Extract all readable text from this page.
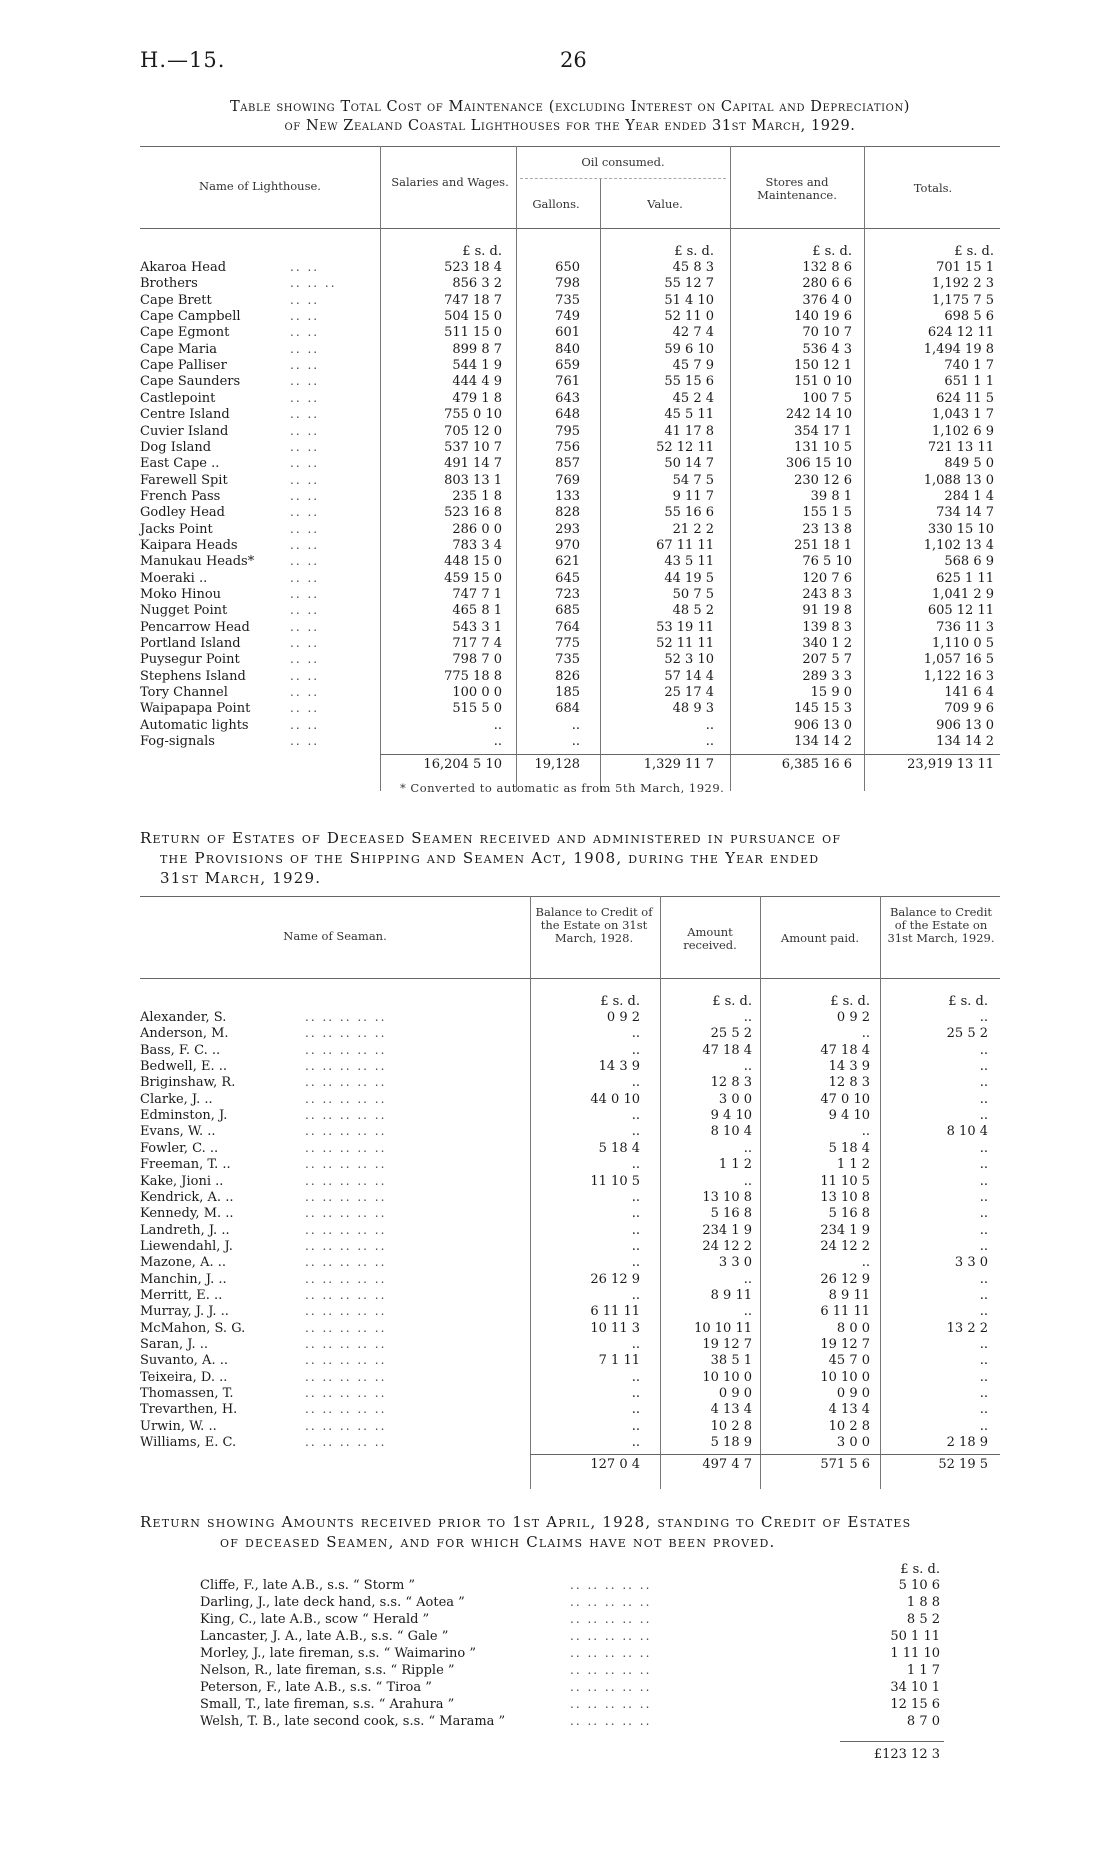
H.—15.	26
Table showing Total Cost of Maintenance (excluding Interest on Capital and Depreciation)
of New Zealand Coastal Lighthouses for the Year ended 31st March, 1929.
Name of Lighthouse.	Salaries and Wages.
Oil consumed.
Gallons.	Value.
Stores and Maintenance.	Totals.
£ s. d.	£ s. d.	£ s. d.	£ s. d.
Akaroa Head	.. ..	523 18 4	650	45 8 3	132 8 6	701 15 1
Brothers	.. .. ..	856 3 2	798	55 12 7	280 6 6	1,192 2 3
Cape Brett	.. ..	747 18 7	735	51 4 10	376 4 0	1,175 7 5
Cape Campbell	.. ..	504 15 0	749	52 11 0	140 19 6	698 5 6
Cape Egmont	.. ..	511 15 0	601	42 7 4	70 10 7	624 12 11
Cape Maria	.. ..	899 8 7	840	59 6 10	536 4 3	1,494 19 8
Cape Palliser	.. ..	544 1 9	659	45 7 9	150 12 1	740 1 7
Cape Saunders	.. ..	444 4 9	761	55 15 6	151 0 10	651 1 1
Castlepoint	.. ..	479 1 8	643	45 2 4	100 7 5	624 11 5
Centre Island	.. ..	755 0 10	648	45 5 11	242 14 10	1,043 1 7
Cuvier Island	.. ..	705 12 0	795	41 17 8	354 17 1	1,102 6 9
Dog Island	.. ..	537 10 7	756	52 12 11	131 10 5	721 13 11
East Cape ..	.. ..	491 14 7	857	50 14 7	306 15 10	849 5 0
Farewell Spit	.. ..	803 13 1	769	54 7 5	230 12 6	1,088 13 0
French Pass	.. ..	235 1 8	133	9 11 7	39 8 1	284 1 4
Godley Head	.. ..	523 16 8	828	55 16 6	155 1 5	734 14 7
Jacks Point	.. ..	286 0 0	293	21 2 2	23 13 8	330 15 10
Kaipara Heads	.. ..	783 3 4	970	67 11 11	251 18 1	1,102 13 4
Manukau Heads*	.. ..	448 15 0	621	43 5 11	76 5 10	568 6 9
Moeraki ..	.. ..	459 15 0	645	44 19 5	120 7 6	625 1 11
Moko Hinou	.. ..	747 7 1	723	50 7 5	243 8 3	1,041 2 9
Nugget Point	.. ..	465 8 1	685	48 5 2	91 19 8	605 12 11
Pencarrow Head	.. ..	543 3 1	764	53 19 11	139 8 3	736 11 3
Portland Island	.. ..	717 7 4	775	52 11 11	340 1 2	1,110 0 5
Puysegur Point	.. ..	798 7 0	735	52 3 10	207 5 7	1,057 16 5
Stephens Island	.. ..	775 18 8	826	57 14 4	289 3 3	1,122 16 3
Tory Channel	.. ..	100 0 0	185	25 17 4	15 9 0	141 6 4
Waipapapa Point	.. ..	515 5 0	684	48 9 3	145 15 3	709 9 6
Automatic lights	.. ..	..	..	..	906 13 0	906 13 0
Fog-signals	.. ..	..	..	..	134 14 2	134 14 2
16,204 5 10	19,128	1,329 11 7	6,385 16 6	23,919 13 11
* Converted to automatic as from 5th March, 1929.
Return of Estates of Deceased Seamen received and administered in pursuance of
the Provisions of the Shipping and Seamen Act, 1908, during the Year ended
31st March, 1929.
Name of Seaman.
Balance to Credit of the Estate on 31st March, 1928.	Amount received.	Amount paid.
Balance to Credit of the Estate on 31st March, 1929.
£ s. d.	£ s. d.	£ s. d.	£ s. d.
Alexander, S.	.. .. .. .. ..	0 9 2	..	0 9 2	..
Anderson, M.	.. .. .. .. ..	..	25 5 2	..	25 5 2
Bass, F. C. ..	.. .. .. .. ..	..	47 18 4	47 18 4	..
Bedwell, E. ..	.. .. .. .. ..	14 3 9	..	14 3 9	..
Briginshaw, R.	.. .. .. .. ..	..	12 8 3	12 8 3	..
Clarke, J. ..	.. .. .. .. ..	44 0 10	3 0 0	47 0 10	..
Edminston, J.	.. .. .. .. ..	..	9 4 10	9 4 10	..
Evans, W. ..	.. .. .. .. ..	..	8 10 4	..	8 10 4
Fowler, C. ..	.. .. .. .. ..	5 18 4	..	5 18 4	..
Freeman, T. ..	.. .. .. .. ..	..	1 1 2	1 1 2	..
Kake, Jioni ..	.. .. .. .. ..	11 10 5	..	11 10 5	..
Kendrick, A. ..	.. .. .. .. ..	..	13 10 8	13 10 8	..
Kennedy, M. ..	.. .. .. .. ..	..	5 16 8	5 16 8	..
Landreth, J. ..	.. .. .. .. ..	..	234 1 9	234 1 9	..
Liewendahl, J.	.. .. .. .. ..	..	24 12 2	24 12 2	..
Mazone, A. ..	.. .. .. .. ..	..	3 3 0	..	3 3 0
Manchin, J. ..	.. .. .. .. ..	26 12 9	..	26 12 9	..
Merritt, E. ..	.. .. .. .. ..	..	8 9 11	8 9 11	..
Murray, J. J. ..	.. .. .. .. ..	6 11 11	..	6 11 11	..
McMahon, S. G.	.. .. .. .. ..	10 11 3	10 10 11	8 0 0	13 2 2
Saran, J. ..	.. .. .. .. ..	..	19 12 7	19 12 7	..
Suvanto, A. ..	.. .. .. .. ..	7 1 11	38 5 1	45 7 0	..
Teixeira, D. ..	.. .. .. .. ..	..	10 10 0	10 10 0	..
Thomassen, T.	.. .. .. .. ..	..	0 9 0	0 9 0	..
Trevarthen, H.	.. .. .. .. ..	..	4 13 4	4 13 4	..
Urwin, W. ..	.. .. .. .. ..	..	10 2 8	10 2 8	..
Williams, E. C.	.. .. .. .. ..	..	5 18 9	3 0 0	2 18 9
127 0 4	497 4 7	571 5 6	52 19 5
Return showing Amounts received prior to 1st April, 1928, standing to Credit of Estates
of deceased Seamen, and for which Claims have not been proved.
£ s. d.
Cliffe, F., late A.B., s.s. “ Storm ”	.. .. .. .. ..	5 10 6
Darling, J., late deck hand, s.s. “ Aotea ”	.. .. .. .. ..	1 8 8
King, C., late A.B., scow “ Herald ”	.. .. .. .. ..	8 5 2
Lancaster, J. A., late A.B., s.s. “ Gale ”	.. .. .. .. ..	50 1 11
Morley, J., late fireman, s.s. “ Waimarino ”	.. .. .. .. ..	1 11 10
Nelson, R., late fireman, s.s. “ Ripple ”	.. .. .. .. ..	1 1 7
Peterson, F., late A.B., s.s. “ Tiroa ”	.. .. .. .. ..	34 10 1
Small, T., late fireman, s.s. “ Arahura ”	.. .. .. .. ..	12 15 6
Welsh, T. B., late second cook, s.s. “ Marama ”	.. .. .. .. ..	8 7 0
£123 12 3
